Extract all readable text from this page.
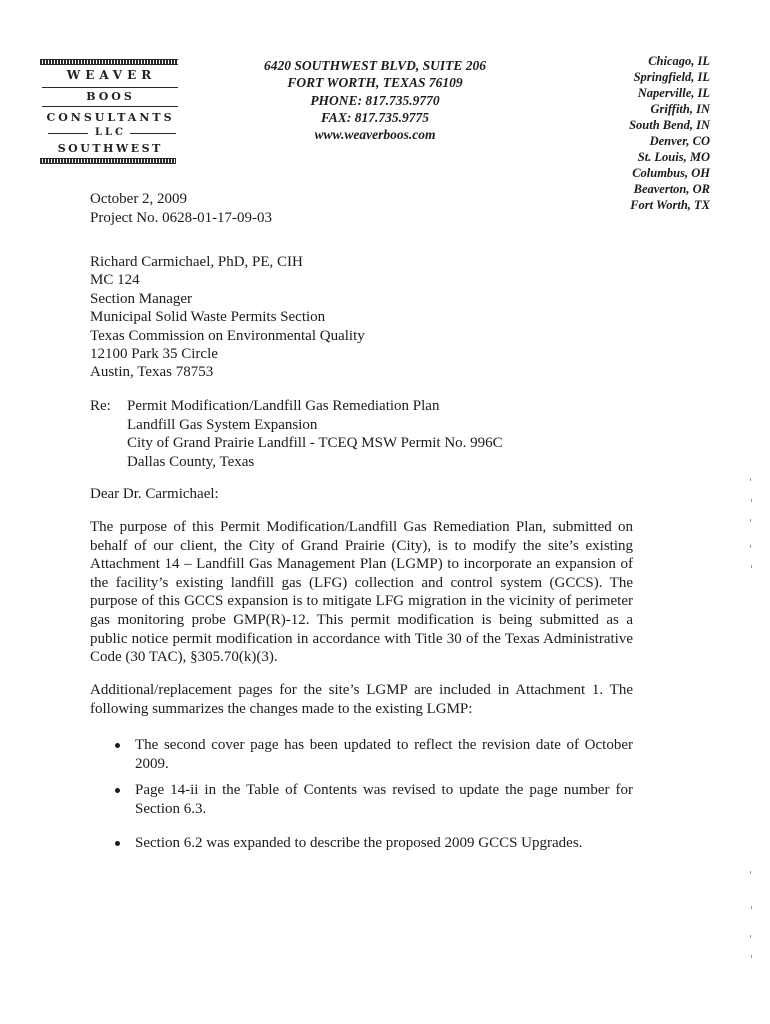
WEAVER
BOOS
CONSULTANTS
LLC
SOUTHWEST
6420 SOUTHWEST BLVD, SUITE 206
FORT WORTH, TEXAS 76109
PHONE: 817.735.9770
FAX: 817.735.9775
www.weaverboos.com
Chicago, IL
Springfield, IL
Naperville, IL
Griffith, IN
South Bend, IN
Denver, CO
St. Louis, MO
Columbus, OH
Beaverton, OR
Fort Worth, TX
October 2, 2009
Project No. 0628-01-17-09-03
Richard Carmichael, PhD, PE, CIH
MC 124
Section Manager
Municipal Solid Waste Permits Section
Texas Commission on Environmental Quality
12100 Park 35 Circle
Austin, Texas 78753
Re: Permit Modification/Landfill Gas Remediation Plan
Landfill Gas System Expansion
City of Grand Prairie Landfill - TCEQ MSW Permit No. 996C
Dallas County, Texas
Dear Dr. Carmichael:
The purpose of this Permit Modification/Landfill Gas Remediation Plan, submitted on
behalf of our client, the City of Grand Prairie (City), is to modify the site’s existing
Attachment 14 – Landfill Gas Management Plan (LGMP) to incorporate an expansion of
the facility’s existing landfill gas (LFG) collection and control system (GCCS). The
purpose of this GCCS expansion is to mitigate LFG migration in the vicinity of perimeter
gas monitoring probe GMP(R)-12. This permit modification is being submitted as a
public notice permit modification in accordance with Title 30 of the Texas Administrative
Code (30 TAC), §305.70(k)(3).
Additional/replacement pages for the site’s LGMP are included in Attachment 1. The
following summarizes the changes made to the existing LGMP:
The second cover page has been updated to reflect the revision date of October
2009.
Page 14-ii in the Table of Contents was revised to update the page number for
Section 6.3.
Section 6.2 was expanded to describe the proposed 2009 GCCS Upgrades.
